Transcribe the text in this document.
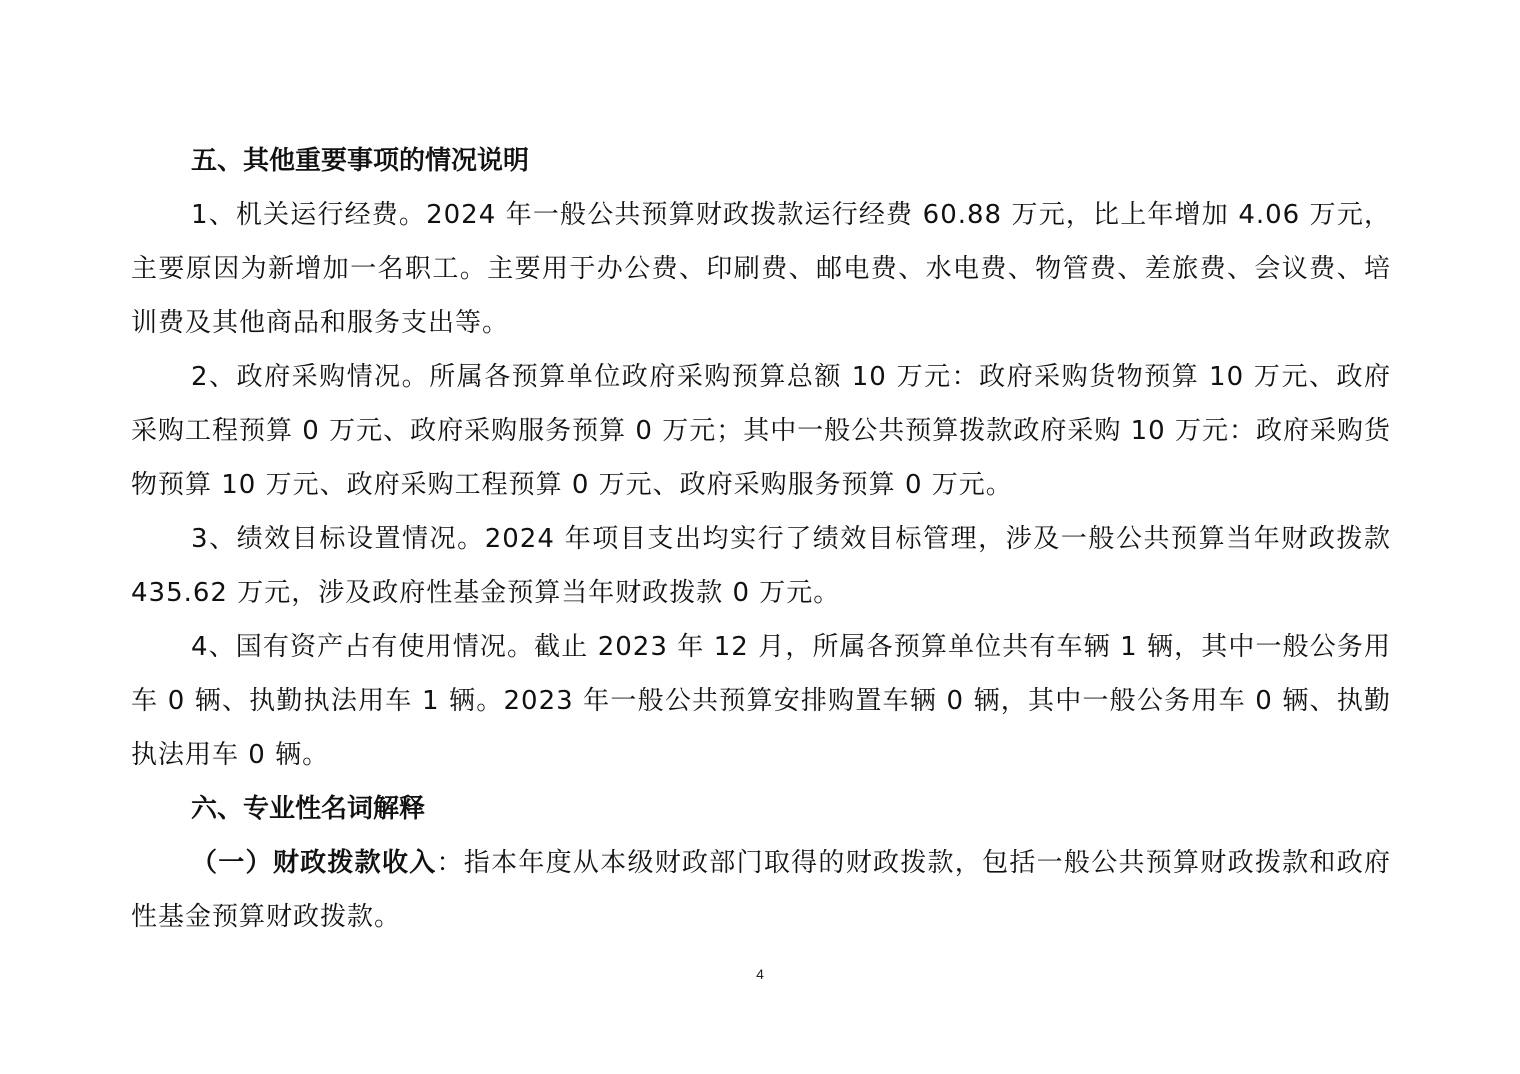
五、其他重要事项的情况说明

1、机关运行经费。2024 年一般公共预算财政拨款运行经费 60.88 万元，比上年增加 4.06 万元，主要原因为新增加一名职工。主要用于办公费、印刷费、邮电费、水电费、物管费、差旅费、会议费、培训费及其他商品和服务支出等。

2、政府采购情况。所属各预算单位政府采购预算总额 10 万元：政府采购货物预算 10 万元、政府采购工程预算 0 万元、政府采购服务预算 0 万元；其中一般公共预算拨款政府采购 10 万元：政府采购货物预算 10 万元、政府采购工程预算 0 万元、政府采购服务预算 0 万元。

3、绩效目标设置情况。2024 年项目支出均实行了绩效目标管理，涉及一般公共预算当年财政拨款 435.62 万元，涉及政府性基金预算当年财政拨款 0 万元。

4、国有资产占有使用情况。截止 2023 年 12 月，所属各预算单位共有车辆 1 辆，其中一般公务用车 0 辆、执勤执法用车 1 辆。2023 年一般公共预算安排购置车辆 0 辆，其中一般公务用车 0 辆、执勤执法用车 0 辆。

六、专业性名词解释

（一）财政拨款收入：指本年度从本级财政部门取得的财政拨款，包括一般公共预算财政拨款和政府性基金预算财政拨款。

4
